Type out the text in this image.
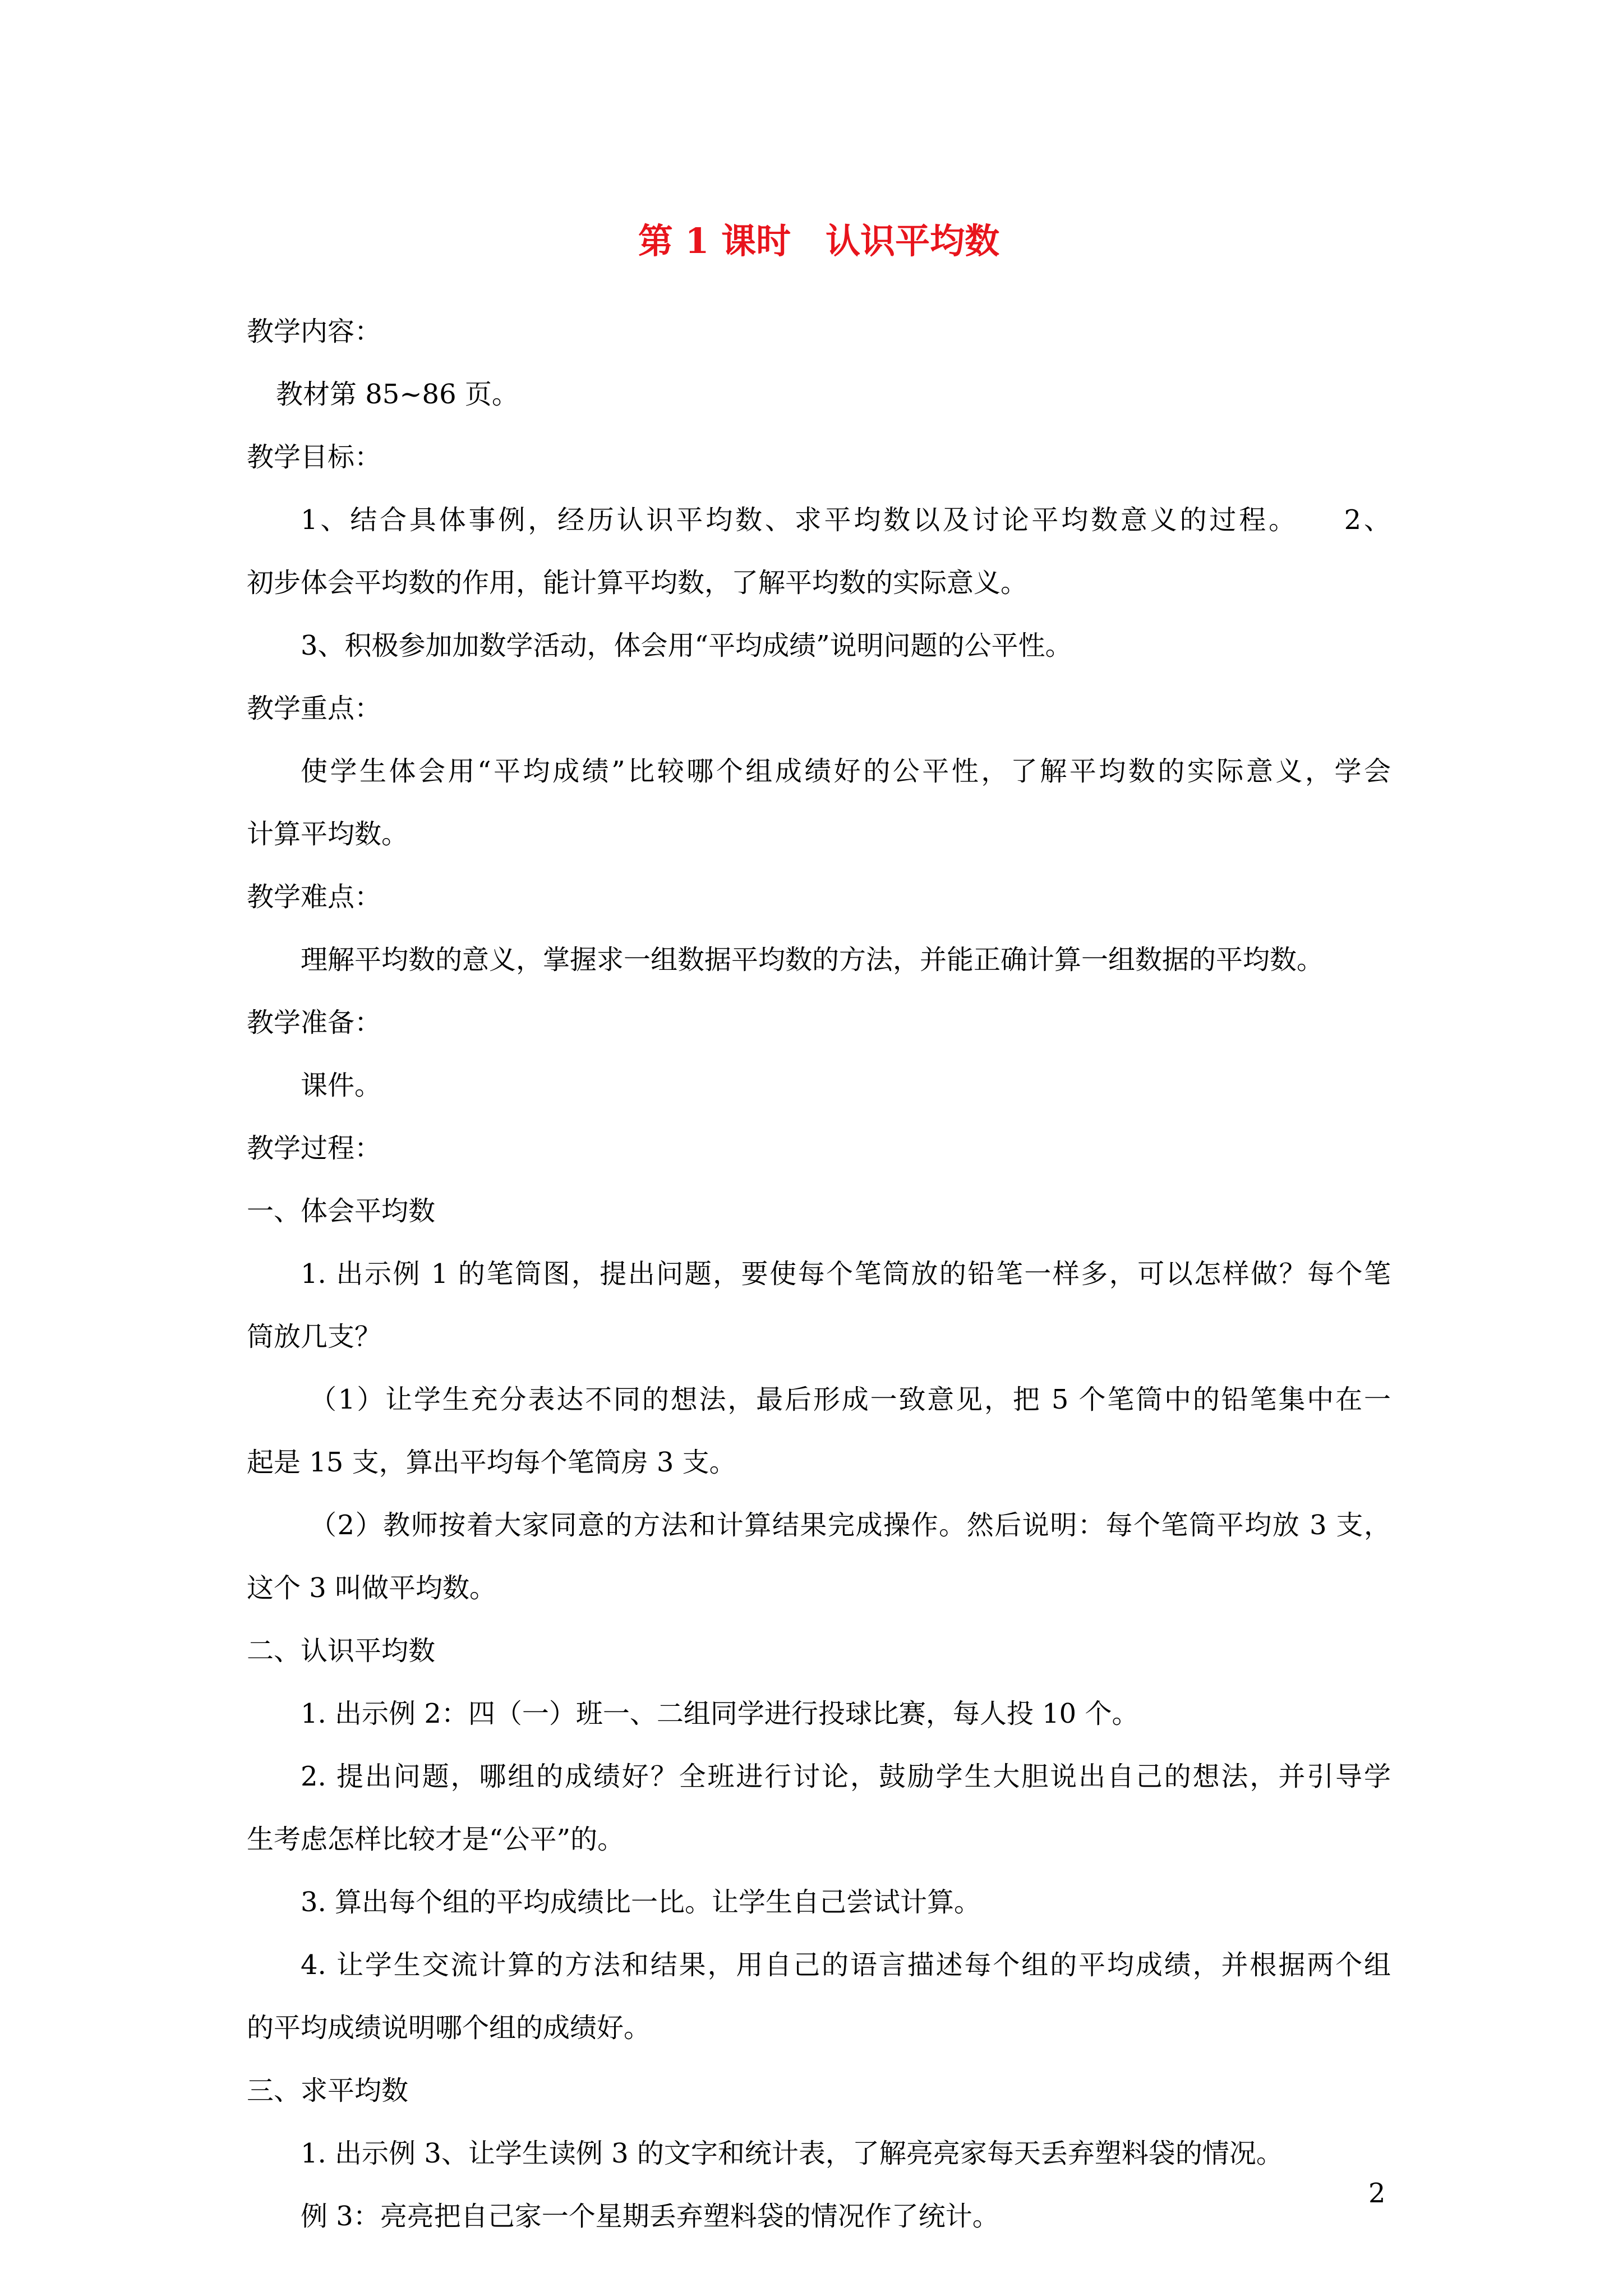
第 1 课时　认识平均数

教学内容：

教材第 85~86 页。

教学目标：

1、结合具体事例，经历认识平均数、求平均数以及讨论平均数意义的过程。　　2、

初步体会平均数的作用，能计算平均数，了解平均数的实际意义。

3、积极参加加数学活动，体会用“平均成绩”说明问题的公平性。

教学重点：

使学生体会用“平均成绩”比较哪个组成绩好的公平性，了解平均数的实际意义，学会

计算平均数。

教学难点：

理解平均数的意义，掌握求一组数据平均数的方法，并能正确计算一组数据的平均数。

教学准备：

课件。

教学过程：

一、体会平均数

1. 出示例 1 的笔筒图，提出问题，要使每个笔筒放的铅笔一样多，可以怎样做？每个笔

筒放几支？

（1）让学生充分表达不同的想法，最后形成一致意见，把 5 个笔筒中的铅笔集中在一

起是 15 支，算出平均每个笔筒房 3 支。

（2）教师按着大家同意的方法和计算结果完成操作。然后说明：每个笔筒平均放 3 支，

这个 3 叫做平均数。

二、认识平均数

1. 出示例 2：四（一）班一、二组同学进行投球比赛，每人投 10 个。

2. 提出问题，哪组的成绩好？全班进行讨论，鼓励学生大胆说出自己的想法，并引导学

生考虑怎样比较才是“公平”的。

3. 算出每个组的平均成绩比一比。让学生自己尝试计算。

4. 让学生交流计算的方法和结果，用自己的语言描述每个组的平均成绩，并根据两个组

的平均成绩说明哪个组的成绩好。

三、求平均数

1. 出示例 3、让学生读例 3 的文字和统计表，了解亮亮家每天丢弃塑料袋的情况。

例 3：亮亮把自己家一个星期丢弃塑料袋的情况作了统计。

2
